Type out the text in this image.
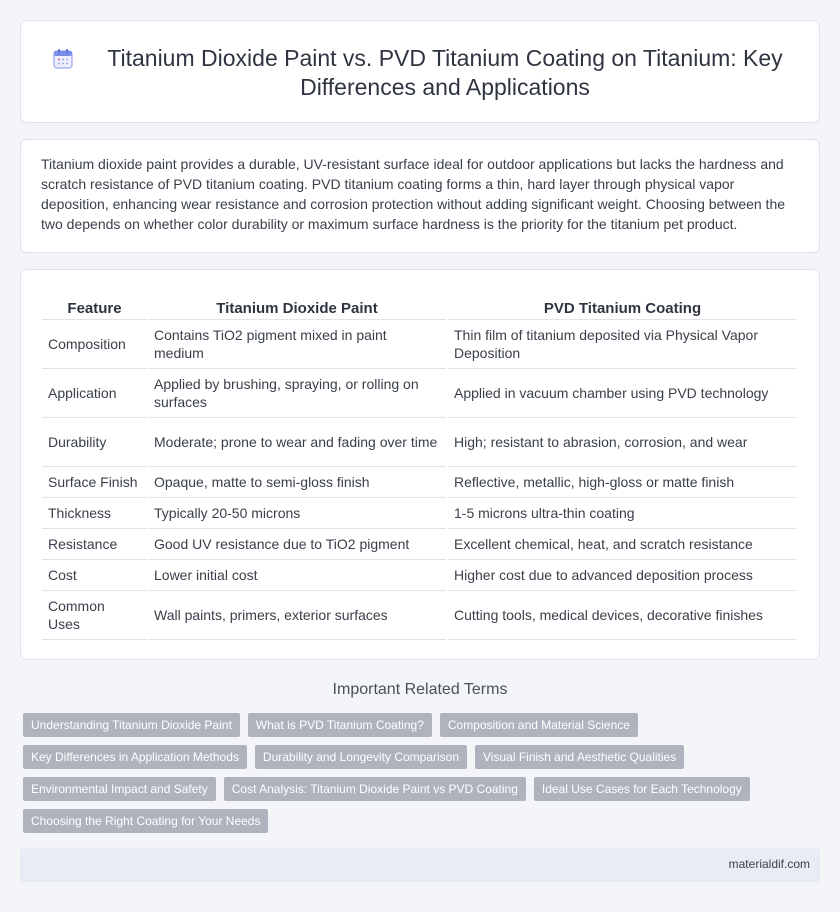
Titanium Dioxide Paint vs. PVD Titanium Coating on Titanium: Key Differences and Applications

Titanium dioxide paint provides a durable, UV-resistant surface ideal for outdoor applications but lacks the hardness and scratch resistance of PVD titanium coating. PVD titanium coating forms a thin, hard layer through physical vapor deposition, enhancing wear resistance and corrosion protection without adding significant weight. Choosing between the two depends on whether color durability or maximum surface hardness is the priority for the titanium pet product.

Feature	Titanium Dioxide Paint	PVD Titanium Coating
Composition	Contains TiO2 pigment mixed in paint medium	Thin film of titanium deposited via Physical Vapor Deposition
Application	Applied by brushing, spraying, or rolling on surfaces	Applied in vacuum chamber using PVD technology
Durability	Moderate; prone to wear and fading over time	High; resistant to abrasion, corrosion, and wear
Surface Finish	Opaque, matte to semi-gloss finish	Reflective, metallic, high-gloss or matte finish
Thickness	Typically 20-50 microns	1-5 microns ultra-thin coating
Resistance	Good UV resistance due to TiO2 pigment	Excellent chemical, heat, and scratch resistance
Cost	Lower initial cost	Higher cost due to advanced deposition process
Common Uses	Wall paints, primers, exterior surfaces	Cutting tools, medical devices, decorative finishes
Important Related Terms
Understanding Titanium Dioxide Paint	What is PVD Titanium Coating?	Composition and Material Science
Key Differences in Application Methods	Durability and Longevity Comparison	Visual Finish and Aesthetic Qualities
Environmental Impact and Safety	Cost Analysis: Titanium Dioxide Paint vs PVD Coating	Ideal Use Cases for Each Technology
Choosing the Right Coating for Your Needs
materialdif.com
